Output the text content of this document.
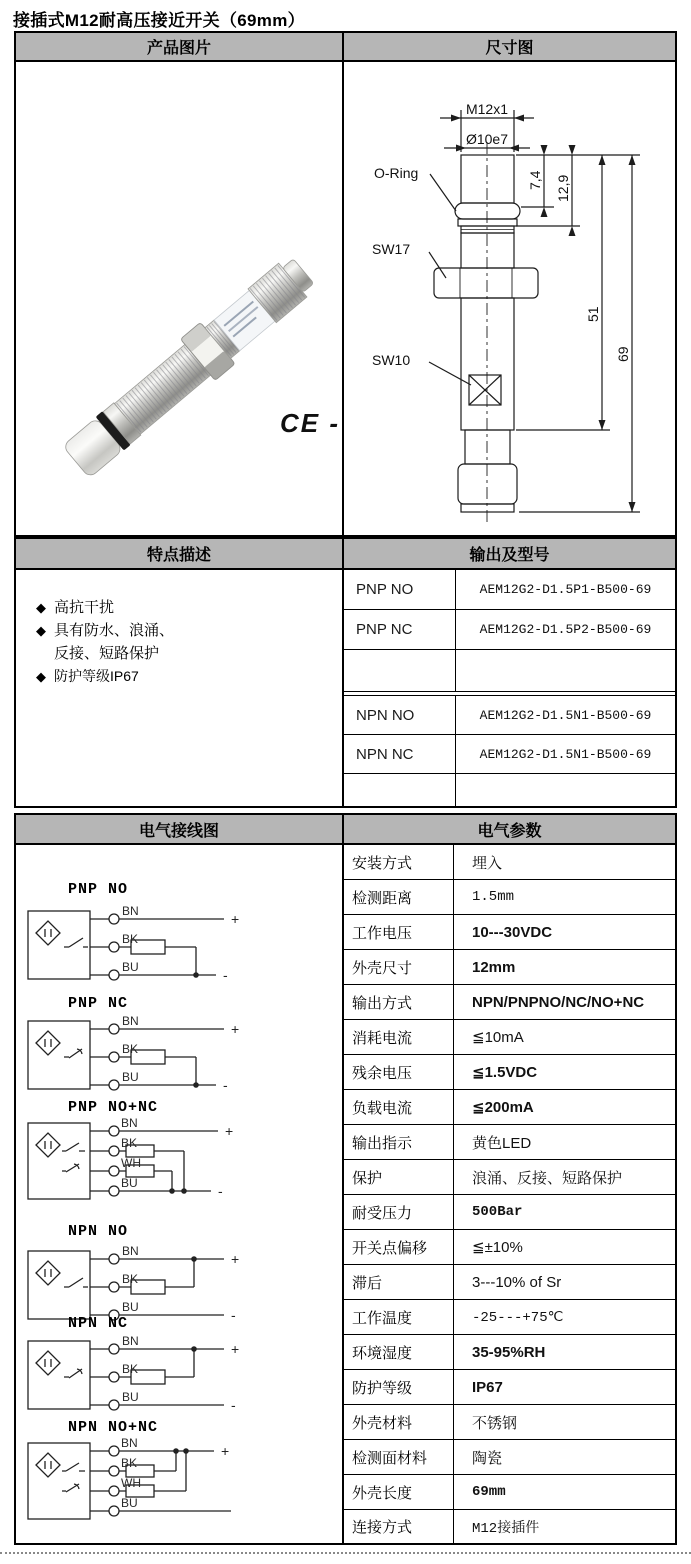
接插式M12耐高压接近开关（69mm）
产品图片	尺寸图
CE -
M12x1
Ø10e7
O-Ring
SW17
SW10
7,4 12,9
51
69
特点描述	输出及型号
◆ 高抗干扰
◆ 具有防水、浪涌、反接、短路保护
◆ 防护等级IP67
PNP NO	AEM12G2-D1.5P1-B500-69
PNP NC	AEM12G2-D1.5P2-B500-69
NPN NO	AEM12G2-D1.5N1-B500-69
NPN NC	AEM12G2-D1.5N1-B500-69
电气接线图	电气参数
PNP NO
BN
BK
BU
+
-
PNP NC
BN
BK
BU
+
-
PNP NO+NC
BN
BK
WH
BU
+
-
NPN NO
BN
BK
BU
+
-
NPN NC
BN
BK
BU
+
-
NPN NO+NC
BN
BK
WH
BU
+
安装方式	埋入
检测距离	1.5mm
工作电压	10---30VDC
外壳尺寸	12mm
输出方式	NPN/PNPNO/NC/NO+NC
消耗电流	≦10mA
残余电压	≦1.5VDC
负载电流	≦200mA
输出指示	黄色LED
保护	浪涌、反接、短路保护
耐受压力	500Bar
开关点偏移	≦±10%
滞后	3---10% of Sr
工作温度	-25---+75℃
环境湿度	35-95%RH
防护等级	IP67
外壳材料	不锈钢
检测面材料	陶瓷
外壳长度	69mm
连接方式	M12接插件
